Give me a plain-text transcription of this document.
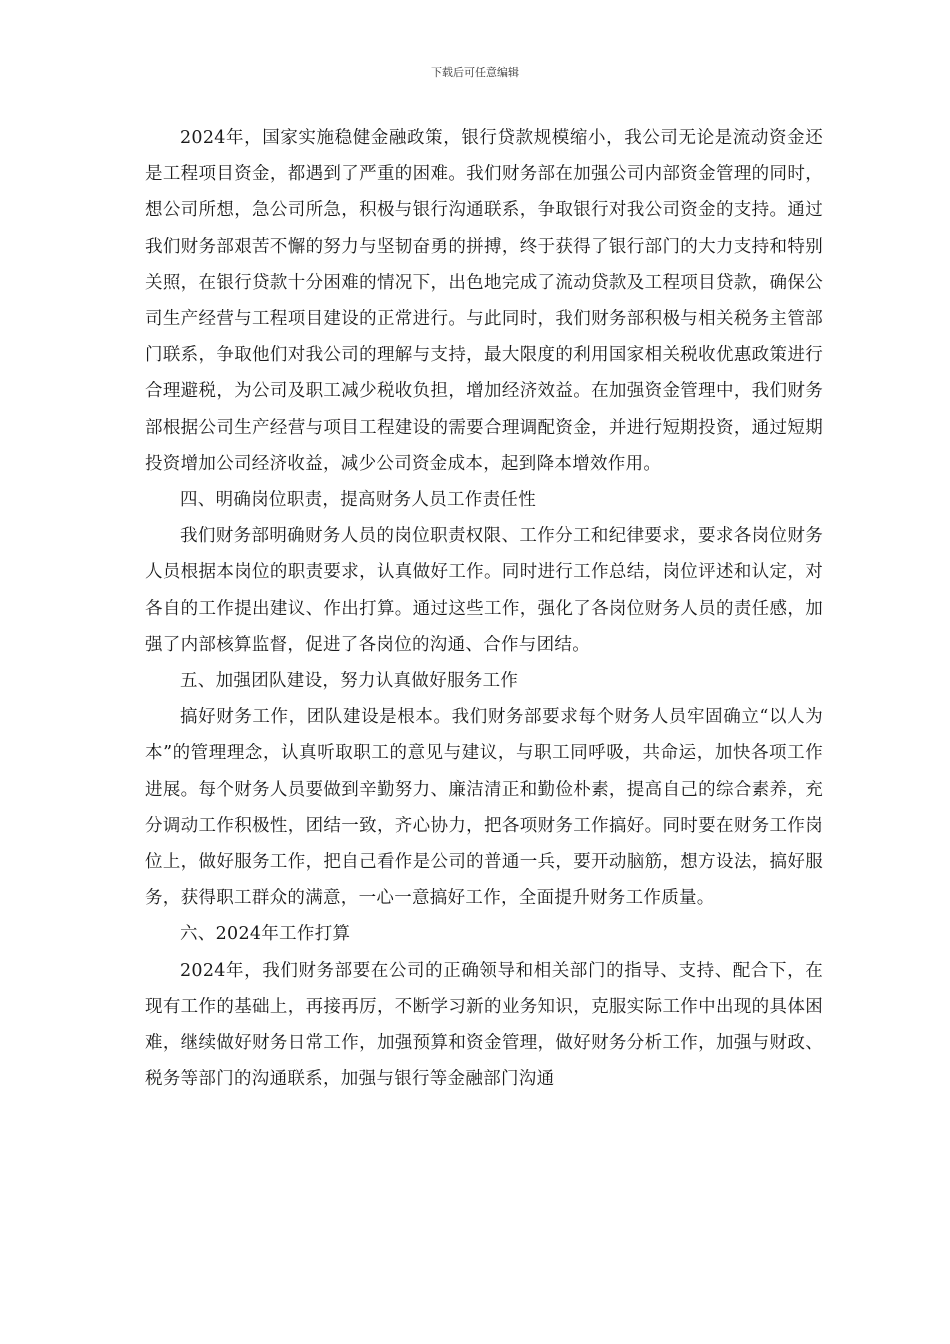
下载后可任意编辑

2024年，国家实施稳健金融政策，银行贷款规模缩小，我公司无论是流动资金还是工程项目资金，都遇到了严重的困难。我们财务部在加强公司内部资金管理的同时，想公司所想，急公司所急，积极与银行沟通联系，争取银行对我公司资金的支持。通过我们财务部艰苦不懈的努力与坚韧奋勇的拼搏，终于获得了银行部门的大力支持和特别关照，在银行贷款十分困难的情况下，出色地完成了流动贷款及工程项目贷款，确保公司生产经营与工程项目建设的正常进行。与此同时，我们财务部积极与相关税务主管部门联系，争取他们对我公司的理解与支持，最大限度的利用国家相关税收优惠政策进行合理避税，为公司及职工减少税收负担，增加经济效益。在加强资金管理中，我们财务部根据公司生产经营与项目工程建设的需要合理调配资金，并进行短期投资，通过短期投资增加公司经济收益，减少公司资金成本，起到降本增效作用。

四、明确岗位职责，提高财务人员工作责任性

我们财务部明确财务人员的岗位职责权限、工作分工和纪律要求，要求各岗位财务人员根据本岗位的职责要求，认真做好工作。同时进行工作总结，岗位评述和认定，对各自的工作提出建议、作出打算。通过这些工作，强化了各岗位财务人员的责任感，加强了内部核算监督，促进了各岗位的沟通、合作与团结。

五、加强团队建设，努力认真做好服务工作

搞好财务工作，团队建设是根本。我们财务部要求每个财务人员牢固确立“以人为本”的管理理念，认真听取职工的意见与建议，与职工同呼吸，共命运，加快各项工作进展。每个财务人员要做到辛勤努力、廉洁清正和勤俭朴素，提高自己的综合素养，充分调动工作积极性，团结一致，齐心协力，把各项财务工作搞好。同时要在财务工作岗位上，做好服务工作，把自己看作是公司的普通一兵，要开动脑筋，想方设法，搞好服务，获得职工群众的满意，一心一意搞好工作，全面提升财务工作质量。

六、2024年工作打算

2024年，我们财务部要在公司的正确领导和相关部门的指导、支持、配合下，在现有工作的基础上，再接再厉，不断学习新的业务知识，克服实际工作中出现的具体困难，继续做好财务日常工作，加强预算和资金管理，做好财务分析工作，加强与财政、税务等部门的沟通联系，加强与银行等金融部门沟通
